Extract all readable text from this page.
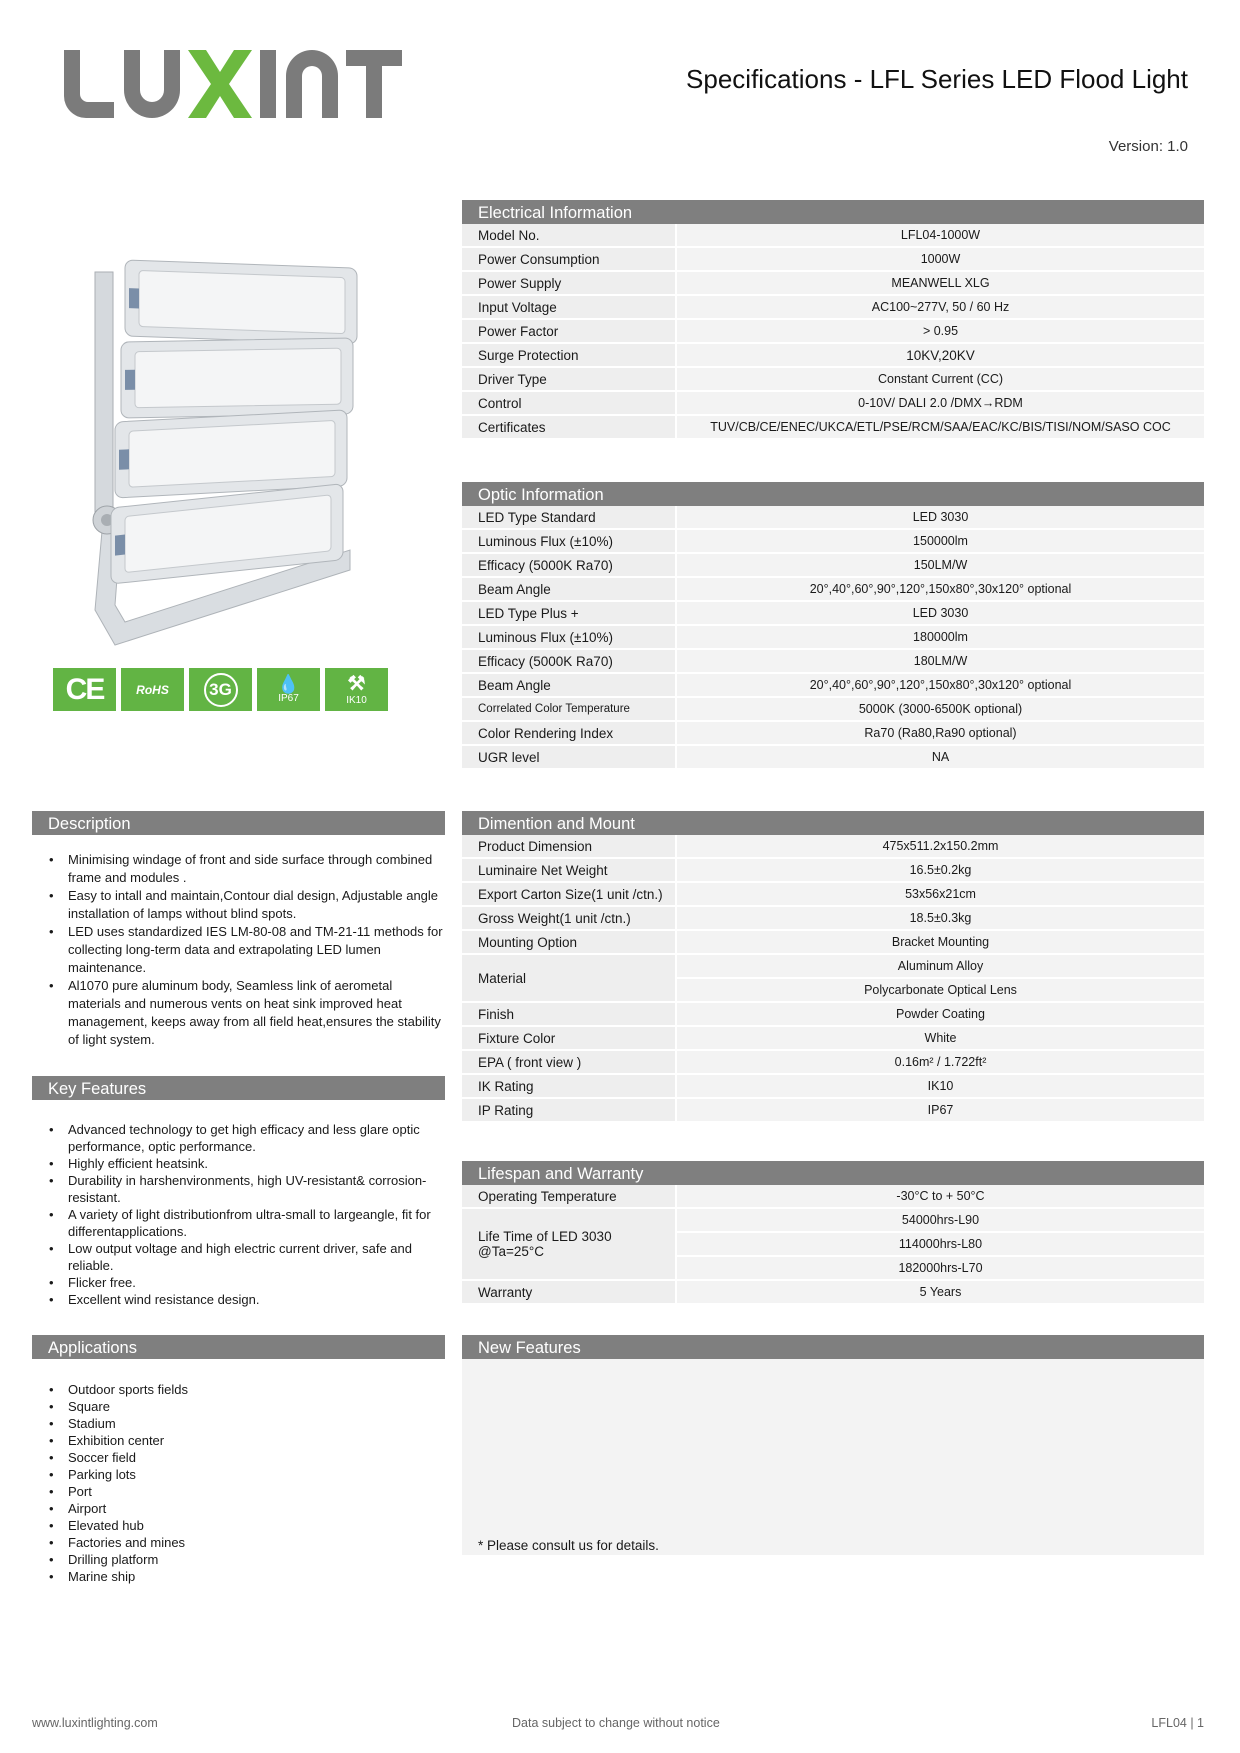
Specifications - LFL Series LED Flood Light
Version: 1.0
CE	RoHS	3G	💧
IP67
⚒
IK10
Electrical Information
Model No.	LFL04-1000W
Power Consumption	1000W
Power Supply	MEANWELL XLG
Input Voltage	AC100~277V, 50 / 60 Hz
Power Factor	> 0.95
Surge Protection	10KV,20KV
Driver Type	Constant Current (CC)
Control	0-10V/ DALI 2.0 /DMX→RDM
Certificates	TUV/CB/CE/ENEC/UKCA/ETL/PSE/RCM/SAA/EAC/KC/BIS/TISI/NOM/SASO COC
Optic Information
LED Type Standard	LED 3030
Luminous Flux (±10%)	150000lm
Efficacy (5000K Ra70)	150LM/W
Beam Angle	20°,40°,60°,90°,120°,150x80°,30x120° optional
LED Type Plus +	LED 3030
Luminous Flux (±10%)	180000lm
Efficacy (5000K Ra70)	180LM/W
Beam Angle	20°,40°,60°,90°,120°,150x80°,30x120° optional
Correlated Color Temperature	5000K (3000-6500K optional)
Color Rendering Index	Ra70 (Ra80,Ra90 optional)
UGR level	NA
Dimention and Mount
Product Dimension	475x511.2x150.2mm
Luminaire Net Weight	16.5±0.2kg
Export Carton Size(1 unit /ctn.)	53x56x21cm
Gross Weight(1 unit /ctn.)	18.5±0.3kg
Mounting Option	Bracket Mounting
Material	Aluminum Alloy
	Polycarbonate Optical Lens
Finish	Powder Coating
Fixture Color	White
EPA ( front view )	0.16m² / 1.722ft²
IK Rating	IK10
IP Rating	IP67
Lifespan and Warranty
Operating Temperature	-30°C to + 50°C
Life Time of LED 3030
@Ta=25°C	54000hrs-L90
	114000hrs-L80
	182000hrs-L70
Warranty	5 Years
New Features
* Please consult us for details.
Description
• Minimising windage of front and side surface through combined frame and modules .
• Easy to intall and maintain,Contour dial design, Adjustable angle installation of lamps without blind spots.
• LED uses standardized IES LM-80-08 and TM-21-11 methods for collecting long-term data and extrapolating LED lumen maintenance.
• Al1070 pure aluminum body, Seamless link of aerometal materials and numerous vents on heat sink improved heat management, keeps away from all field heat,ensures the stability of light system.
Key Features
• Advanced technology to get high efficacy and less glare optic performance, optic performance.
• Highly efficient heatsink.
• Durability in harshenvironments, high UV-resistant& corrosion-resistant.
• A variety of light distributionfrom ultra-small to largeangle, fit for differentapplications.
• Low output voltage and high electric current driver, safe and reliable.
• Flicker free.
• Excellent wind resistance design.
Applications
• Outdoor sports fields
• Square
• Stadium
• Exhibition center
• Soccer field
• Parking lots
• Port
• Airport
• Elevated hub
• Factories and mines
• Drilling platform
• Marine ship
www.luxintlighting.com	Data subject to change without notice	LFL04 | 1
